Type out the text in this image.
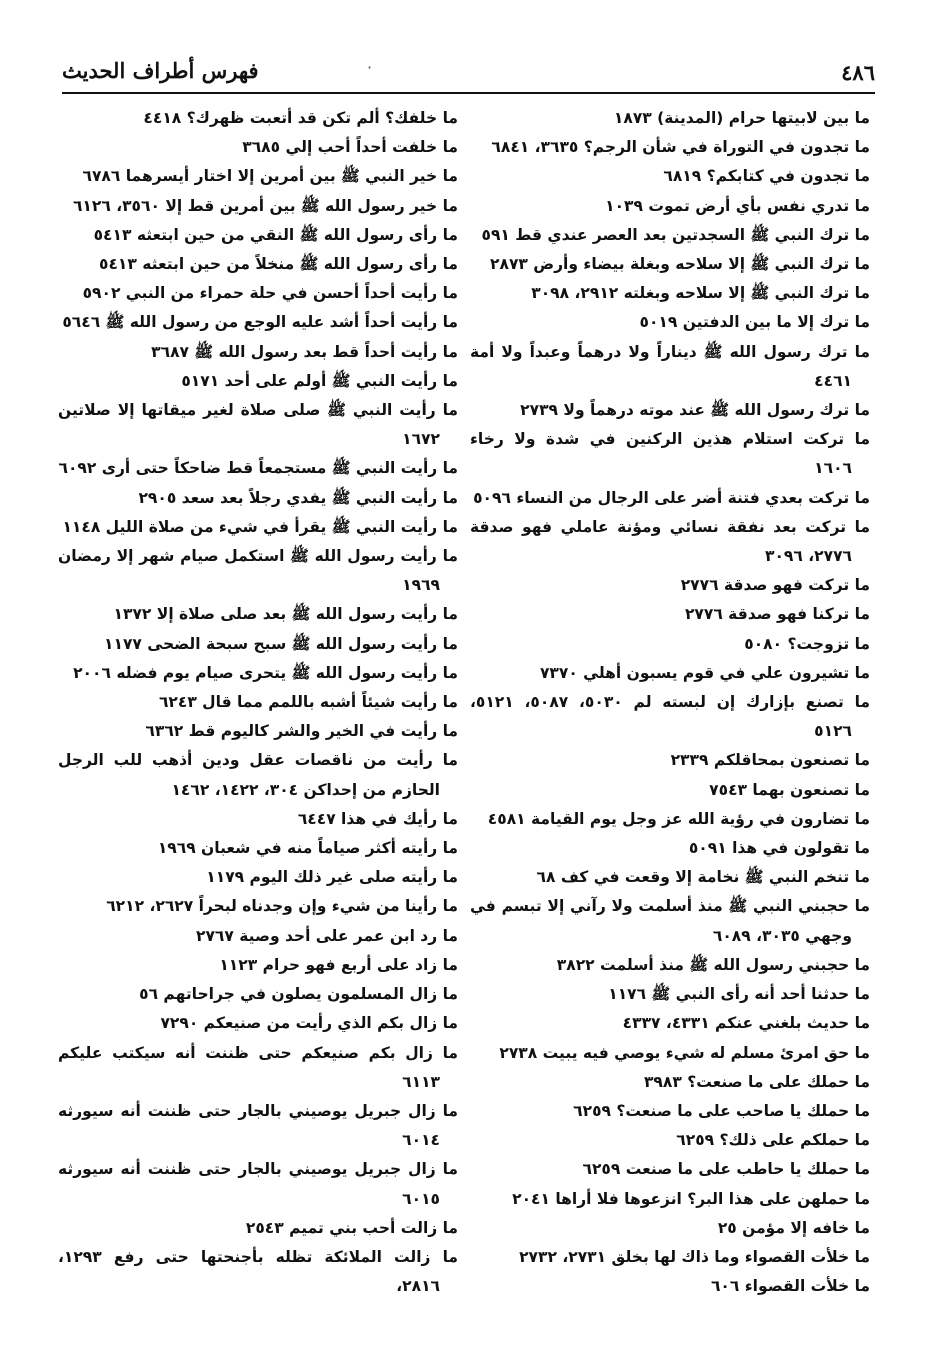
٤٨٦
·
فهرس أطراف الحديث

ما بين لابيتها حرام (المدينة) ١٨٧٣

ما تجدون في التوراة في شأن الرجم؟ ٣٦٣٥، ٦٨٤١

ما تجدون في كتابكم؟ ٦٨١٩

ما تدري نفس بأي أرض تموت ١٠٣٩

ما ترك النبي ﷺ السجدتين بعد العصر عندي قط ٥٩١

ما ترك النبي ﷺ إلا سلاحه وبغلة بيضاء وأرض ٢٨٧٣

ما ترك النبي ﷺ إلا سلاحه وبغلته ٢٩١٢، ٣٠٩٨

ما ترك إلا ما بين الدفتين ٥٠١٩

ما ترك رسول الله ﷺ ديناراً ولا درهماً وعبداً ولا أمة ٤٤٦١

ما ترك رسول الله ﷺ عند موته درهماً ولا ٢٧٣٩

ما تركت استلام هذين الركنين في شدة ولا رخاء ١٦٠٦

ما تركت بعدي فتنة أضر على الرجال من النساء ٥٠٩٦

ما تركت بعد نفقة نسائي ومؤنة عاملي فهو صدقة ٢٧٧٦، ٣٠٩٦

ما تركت فهو صدقة ٢٧٧٦

ما تركنا فهو صدقة ٢٧٧٦

ما تزوجت؟ ٥٠٨٠

ما تشيرون علي في قوم يسبون أهلي ٧٣٧٠

ما تصنع بإزارك إن لبسته لم ٥٠٣٠، ٥٠٨٧، ٥١٢١، ٥١٢٦

ما تصنعون بمحاقلكم ٢٣٣٩

ما تصنعون بهما ٧٥٤٣

ما تضارون في رؤية الله عز وجل يوم القيامة ٤٥٨١

ما تقولون في هذا ٥٠٩١

ما تنخم النبي ﷺ نخامة إلا وقعت في كف ٦٨

ما حجبني النبي ﷺ منذ أسلمت ولا رآني إلا تبسم في وجهي ٣٠٣٥، ٦٠٨٩

ما حجبني رسول الله ﷺ منذ أسلمت ٣٨٢٢

ما حدثنا أحد أنه رأى النبي ﷺ ١١٧٦

ما حديث بلغني عنكم ٤٣٣١، ٤٣٣٧

ما حق امرئ مسلم له شيء يوصي فيه يبيت ٢٧٣٨

ما حملك على ما صنعت؟ ٣٩٨٣

ما حملك يا صاحب على ما صنعت؟ ٦٢٥٩

ما حملكم على ذلك؟ ٦٢٥٩

ما حملك يا حاطب على ما صنعت ٦٢٥٩

ما حملهن على هذا البر؟ انزعوها فلا أراها ٢٠٤١

ما خافه إلا مؤمن ٢٥

ما خلأت القصواء وما ذاك لها بخلق ٢٧٣١، ٢٧٣٢

ما خلأت القصواء ٦٠٦

ما خلفك؟ ألم تكن قد أتعبت ظهرك؟ ٤٤١٨

ما خلفت أحداً أحب إلي ٣٦٨٥

ما خير النبي ﷺ بين أمرين إلا اختار أيسرهما ٦٧٨٦

ما خير رسول الله ﷺ بين أمرين قط إلا ٣٥٦٠، ٦١٢٦

ما رأى رسول الله ﷺ النقي من حين ابتعثه ٥٤١٣

ما رأى رسول الله ﷺ منخلاً من حين ابتعثه ٥٤١٣

ما رأيت أحداً أحسن في حلة حمراء من النبي ٥٩٠٢

ما رأيت أحداً أشد عليه الوجع من رسول الله ﷺ ٥٦٤٦

ما رأيت أحداً قط بعد رسول الله ﷺ ٣٦٨٧

ما رأيت النبي ﷺ أولم على أحد ٥١٧١

ما رأيت النبي ﷺ صلى صلاة لغير ميقاتها إلا صلاتين ١٦٧٢

ما رأيت النبي ﷺ مستجمعاً قط ضاحكاً حتى أرى ٦٠٩٢

ما رأيت النبي ﷺ يفدي رجلاً بعد سعد ٢٩٠٥

ما رأيت النبي ﷺ يقرأ في شيء من صلاة الليل ١١٤٨

ما رأيت رسول الله ﷺ استكمل صيام شهر إلا رمضان ١٩٦٩

ما رأيت رسول الله ﷺ بعد صلى صلاة إلا ١٣٧٢

ما رأيت رسول الله ﷺ سبح سبحة الضحى ١١٧٧

ما رأيت رسول الله ﷺ يتحرى صيام يوم فضله ٢٠٠٦

ما رأيت شيئاً أشبه باللمم مما قال ٦٢٤٣

ما رأيت في الخير والشر كاليوم قط ٦٣٦٢

ما رأيت من ناقصات عقل ودين أذهب للب الرجل الحازم من إحداكن ٣٠٤، ١٤٢٢، ١٤٦٢

ما رأيك في هذا ٦٤٤٧

ما رأيته أكثر صياماً منه في شعبان ١٩٦٩

ما رأيته صلى غير ذلك اليوم ١١٧٩

ما رأينا من شيء وإن وجدناه لبحراً ٢٦٢٧، ٦٢١٢

ما رد ابن عمر على أحد وصية ٢٧٦٧

ما زاد على أربع فهو حرام ١١٢٣

ما زال المسلمون يصلون في جراحاتهم ٥٦

ما زال بكم الذي رأيت من صنيعكم ٧٢٩٠

ما زال بكم صنيعكم حتى ظننت أنه سيكتب عليكم ٦١١٣

ما زال جبريل يوصيني بالجار حتى ظننت أنه سيورثه ٦٠١٤

ما زال جبريل يوصيني بالجار حتى ظننت أنه سيورثه ٦٠١٥

ما زالت أحب بني تميم ٢٥٤٣

ما زالت الملائكة تظله بأجنحتها حتى رفع ١٢٩٣، ٢٨١٦،
